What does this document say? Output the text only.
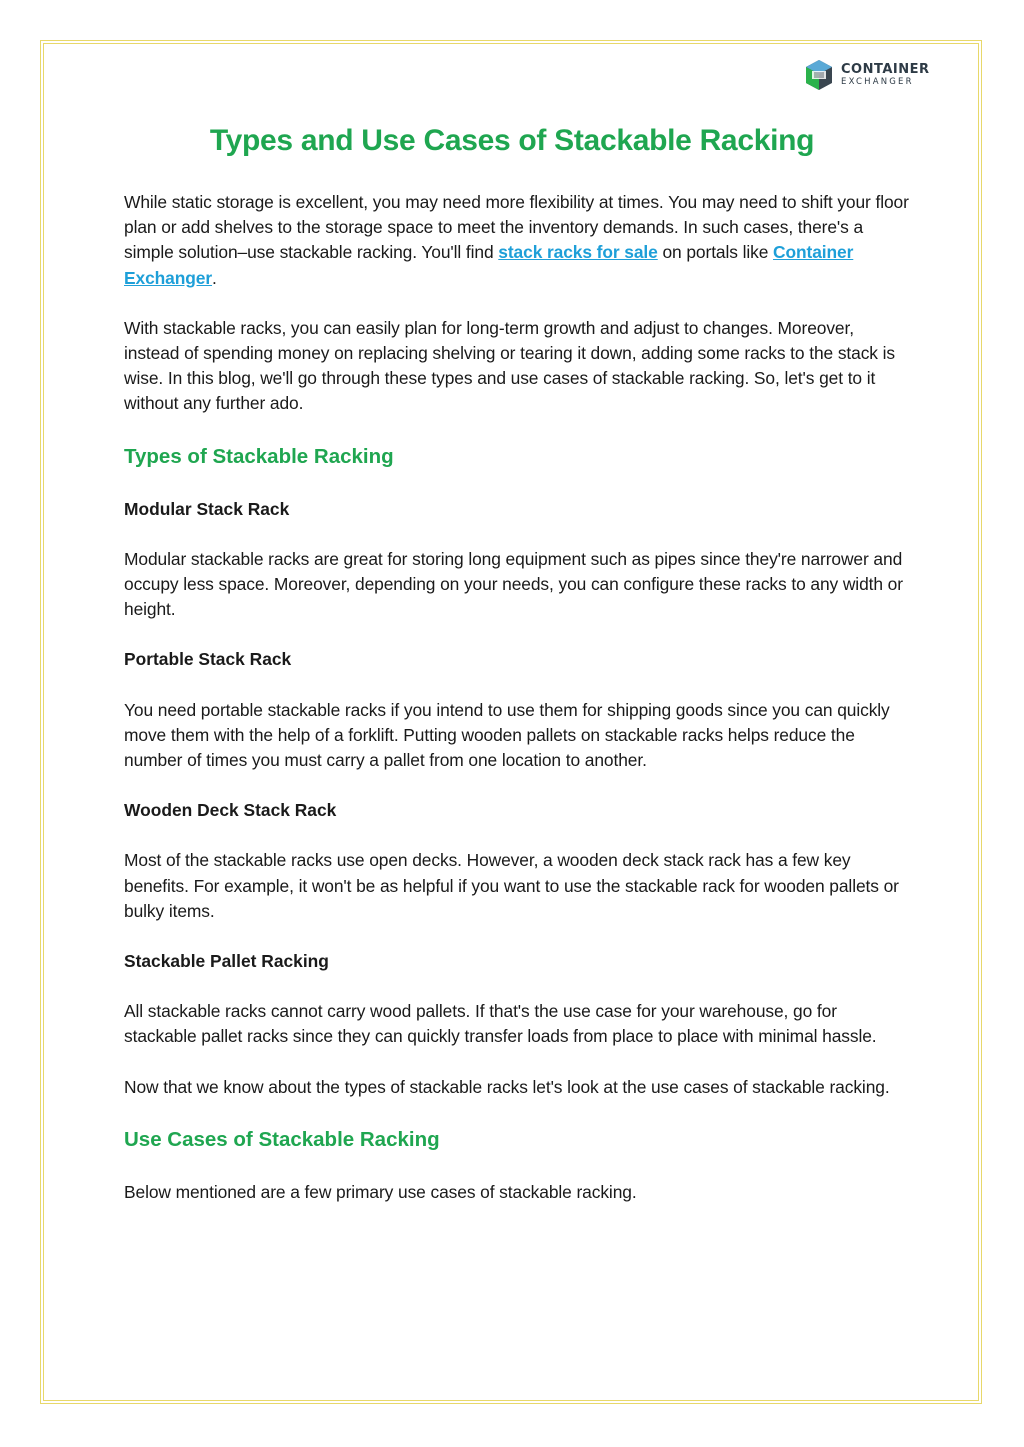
CONTAINER
EXCHANGER
Types and Use Cases of Stackable Racking

While static storage is excellent, you may need more flexibility at times. You may need to shift your floor plan or add shelves to the storage space to meet the inventory demands. In such cases, there's a simple solution–use stackable racking. You'll find stack racks for sale on portals like Container Exchanger.

With stackable racks, you can easily plan for long-term growth and adjust to changes. Moreover, instead of spending money on replacing shelving or tearing it down, adding some racks to the stack is wise. In this blog, we'll go through these types and use cases of stackable racking. So, let's get to it without any further ado.

Types of Stackable Racking
Modular Stack Rack

Modular stackable racks are great for storing long equipment such as pipes since they're narrower and occupy less space. Moreover, depending on your needs, you can configure these racks to any width or height.

Portable Stack Rack

You need portable stackable racks if you intend to use them for shipping goods since you can quickly move them with the help of a forklift. Putting wooden pallets on stackable racks helps reduce the number of times you must carry a pallet from one location to another.

Wooden Deck Stack Rack

Most of the stackable racks use open decks. However, a wooden deck stack rack has a few key benefits. For example, it won't be as helpful if you want to use the stackable rack for wooden pallets or bulky items.

Stackable Pallet Racking

All stackable racks cannot carry wood pallets. If that's the use case for your warehouse, go for stackable pallet racks since they can quickly transfer loads from place to place with minimal hassle.

Now that we know about the types of stackable racks let's look at the use cases of stackable racking.

Use Cases of Stackable Racking

Below mentioned are a few primary use cases of stackable racking.
